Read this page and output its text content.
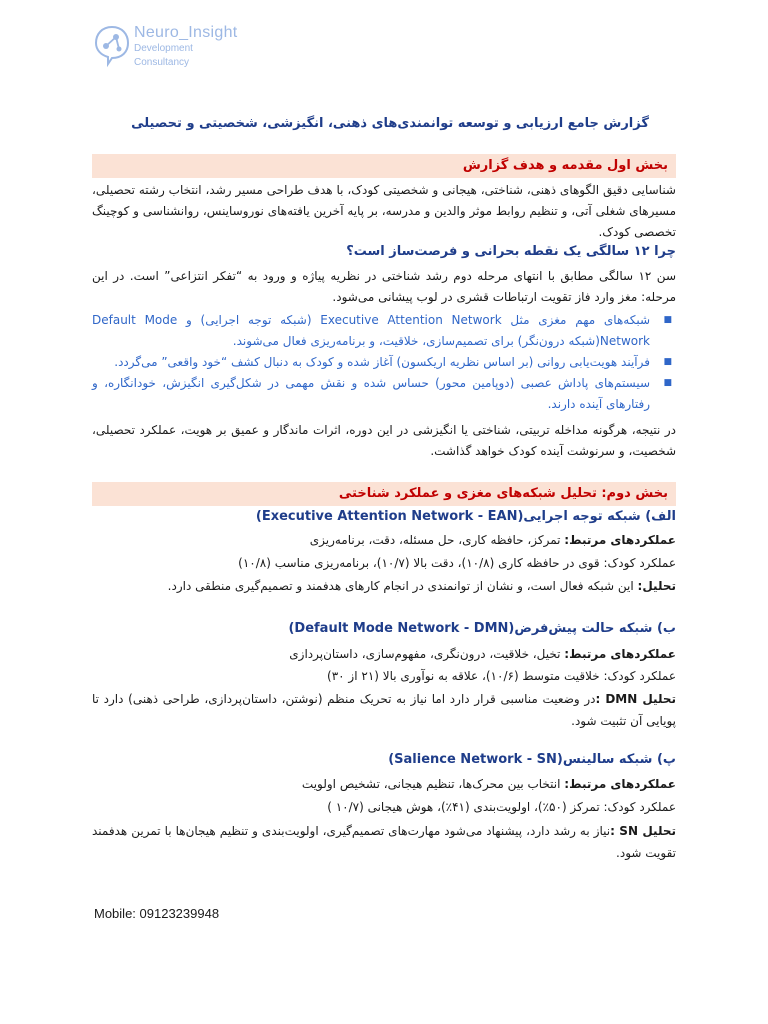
Neuro_Insight
Development
Consultancy
گزارش جامع ارزیابی و توسعه توانمندی‌های ذهنی، انگیزشی، شخصیتی و تحصیلی
بخش اول مقدمه و هدف گزارش
شناسایی دقیق الگوهای ذهنی، شناختی، هیجانی و شخصیتی کودک، با هدف طراحی مسیر رشد، انتخاب رشته تحصیلی، مسیرهای شغلی آتی، و تنظیم روابط موثر والدین و مدرسه، بر پایه آخرین یافته‌های نوروساینس، روانشناسی و کوچینگ تخصصی کودک.
چرا ۱۲ سالگی یک نقطه بحرانی و فرصت‌ساز است؟
سن ۱۲ سالگی مطابق با انتهای مرحله دوم رشد شناختی در نظریه پیاژه و ورود به “تفکر انتزاعی” است. در این مرحله: مغز وارد فاز تقویت ارتباطات قشری در لوب پیشانی می‌شود.
■
شبکه‌های مهم مغزی مثل Executive Attention Network (شبکه توجه اجرایی) و Default Mode Network(شبکه درون‌نگر) برای تصمیم‌سازی، خلاقیت، و برنامه‌ریزی فعال می‌شوند.
■
فرآیند هویت‌یابی روانی (بر اساس نظریه اریکسون) آغاز شده و کودک به دنبال کشف “خود واقعی” می‌گردد.
■
سیستم‌های پاداش عصبی (دوپامین محور) حساس شده و نقش مهمی در شکل‌گیری انگیزش، خودانگاره، و رفتارهای آینده دارند.
در نتیجه، هرگونه مداخله تربیتی، شناختی یا انگیزشی در این دوره، اثرات ماندگار و عمیق بر هویت، عملکرد تحصیلی، شخصیت، و سرنوشت آینده کودک خواهد گذاشت.
بخش دوم: تحلیل شبکه‌های مغزی و عملکرد شناختی
الف) شبکه توجه اجرایی(Executive Attention Network - EAN)
عملکردهای مرتبط: تمرکز، حافظه کاری، حل مسئله، دقت، برنامه‌ریزی
عملکرد کودک: قوی در حافظه کاری (۱۰/۸)، دقت بالا (۱۰/۷)، برنامه‌ریزی مناسب (۱۰/۸)
تحلیل: این شبکه فعال است، و نشان از توانمندی در انجام کارهای هدفمند و تصمیم‌گیری منطقی دارد.
ب) شبکه حالت پیش‌فرض(Default Mode Network - DMN)
عملکردهای مرتبط: تخیل، خلاقیت، درون‌نگری، مفهوم‌سازی، داستان‌پردازی
عملکرد کودک: خلاقیت متوسط (۱۰/۶)، علاقه به نوآوری بالا (۲۱ از ۳۰)
تحلیل DMN :در وضعیت مناسبی قرار دارد اما نیاز به تحریک منظم (نوشتن، داستان‌پردازی، طراحی ذهنی) دارد تا پویایی آن تثبیت شود.
پ) شبکه سالینس(Salience Network - SN)
عملکردهای مرتبط: انتخاب بین محرک‌ها، تنظیم هیجانی، تشخیص اولویت
عملکرد کودک: تمرکز (۵۰٪)، اولویت‌بندی (۴۱٪)، هوش هیجانی (۱۰/۷ )
تحلیل SN :نیاز به رشد دارد، پیشنهاد می‌شود مهارت‌های تصمیم‌گیری، اولویت‌بندی و تنظیم هیجان‌ها با تمرین هدفمند تقویت شود.
Mobile: 09123239948
